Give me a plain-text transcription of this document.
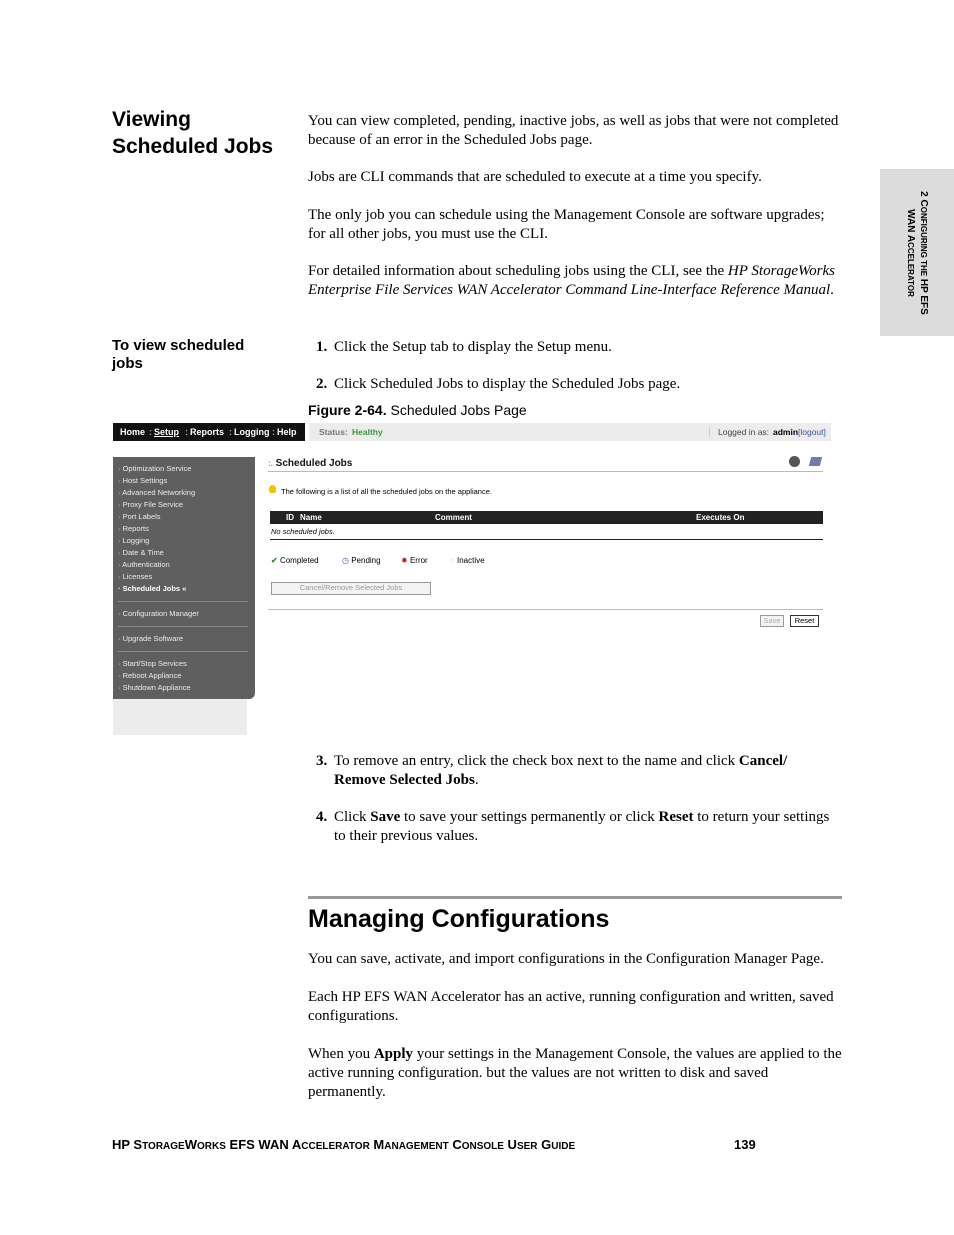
2 CONFIGURING THE HP EFS
WAN ACCELERATOR
Viewing
Scheduled Jobs

You can view completed, pending, inactive jobs, as well as jobs that were not completed because of an error in the Scheduled Jobs page.

Jobs are CLI commands that are scheduled to execute at a time you specify.

The only job you can schedule using the Management Console are software upgrades; for all other jobs, you must use the CLI.

For detailed information about scheduling jobs using the CLI, see the HP StorageWorks Enterprise File Services WAN Accelerator Command Line-Interface Reference Manual.

To view scheduled jobs
1. Click the Setup tab to display the Setup menu.
2. Click Scheduled Jobs to display the Scheduled Jobs page.
Figure 2-64. Scheduled Jobs Page
Home : Setup : Reports : Logging : Help	Status: Healthy	Logged in as: admin [logout]
· Optimization Service
· Host Settings
· Advanced Networking
· Proxy File Service
· Port Labels
· Reports
· Logging
· Date & Time
· Authentication
· Licenses
· Scheduled Jobs «
· Configuration Manager
· Upgrade Software
· Start/Stop Services
· Reboot Appliance
· Shutdown Appliance
:. Scheduled Jobs
The following is a list of all the scheduled jobs on the appliance.
ID Name	Comment	Executes On
No scheduled jobs.
✔ Completed	◷ Pending	✹ Error	◌ Inactive
Cancel/Remove Selected Jobs
Save	Reset
3. To remove an entry, click the check box next to the name and click Cancel/ Remove Selected Jobs.
4. Click Save to save your settings permanently or click Reset to return your settings to their previous values.
Managing Configurations

You can save, activate, and import configurations in the Configuration Manager Page.

Each HP EFS WAN Accelerator has an active, running configuration and written, saved configurations.

When you Apply your settings in the Management Console, the values are applied to the active running configuration. but the values are not written to disk and saved permanently.

HP STORAGEWORKS EFS WAN ACCELERATOR MANAGEMENT CONSOLE USER GUIDE	139
